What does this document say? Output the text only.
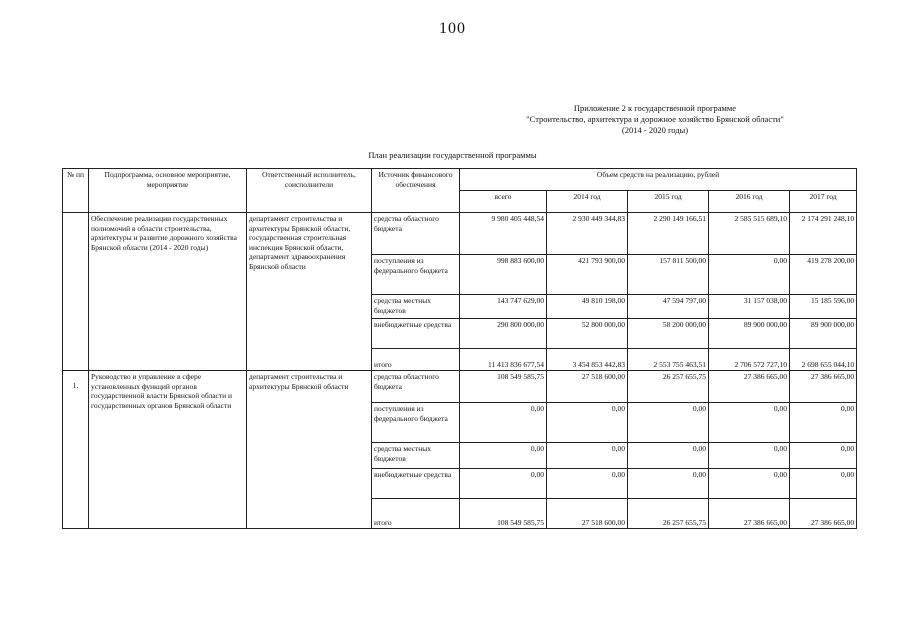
100
Приложение 2 к государственной программе
"Строительство, архитектура и дорожное хозяйство Брянской области"
(2014 - 2020 годы)
План реализации государственной программы
№ пп	Подпрограмма, основное мероприятие, мероприятие	Ответственный исполнитель, соисполнители	Источник финансового обеспечения	Объем средств на реализацию, рублей				
				всего	2014 год	2015 год	2016 год	2017 год
	Обеспечение реализации государственных полномочий в области строительства, архитектуры и развитие дорожного хозяйства Брянской области (2014 - 2020 годы)	департамент строительства и архитектуры Брянской области, государственная строительная инспекция Брянской области, департамент здравоохранения Брянской области	средства областного бюджета	9 980 405 448,54	2 930 449 344,83	2 290 149 166,51	2 585 515 689,10	2 174 291 248,10
			поступления из федерального бюджета	998 883 600,00	421 793 900,00	157 811 500,00	0,00	419 278 200,00
			средства местных бюджетов	143 747 629,00	49 810 198,00	47 594 797,00	31 157 038,00	15 185 596,00
			внебюджетные средства	290 800 000,00	52 800 000,00	58 200 000,00	89 900 000,00	89 900 000,00
			итого	11 413 836 677,54	3 454 853 442,83	2 553 755 463,51	2 706 572 727,10	2 698 655 044,10
1.	Руководство и управление в сфере установленных функций органов государственной власти Брянской области и государственных органов Брянской области	департамент строительства и архитектуры Брянской области	средства областного бюджета	108 549 585,75	27 518 600,00	26 257 655,75	27 386 665,00	27 386 665,00
			поступления из федерального бюджета	0,00	0,00	0,00	0,00	0,00
			средства местных бюджетов	0,00	0,00	0,00	0,00	0,00
			внебюджетные средства	0,00	0,00	0,00	0,00	0,00
			итого	108 549 585,75	27 518 600,00	26 257 655,75	27 386 665,00	27 386 665,00
